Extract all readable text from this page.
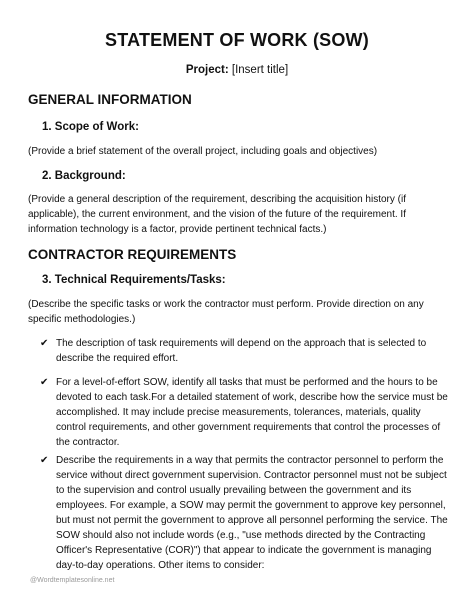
STATEMENT OF WORK (SOW)
Project: [Insert title]
GENERAL INFORMATION
1. Scope of Work:
(Provide a brief statement of the overall project, including goals and objectives)
2. Background:
(Provide a general description of the requirement, describing the acquisition history (if applicable), the current environment, and the vision of the future of the requirement. If information technology is a factor, provide pertinent technical facts.)
CONTRACTOR REQUIREMENTS
3. Technical Requirements/Tasks:
(Describe the specific tasks or work the contractor must perform. Provide direction on any specific methodologies.)
✔ The description of task requirements will depend on the approach that is selected to describe the required effort.
✔ For a level-of-effort SOW, identify all tasks that must be performed and the hours to be devoted to each task.For a detailed statement of work, describe how the service must be accomplished. It may include precise measurements, tolerances, materials, quality control requirements, and other government requirements that control the processes of the contractor.
✔ Describe the requirements in a way that permits the contractor personnel to perform the service without direct government supervision. Contractor personnel must not be subject to the supervision and control usually prevailing between the government and its employees. For example, a SOW may permit the government to approve key personnel, but must not permit the government to approve all personnel performing the service. The SOW should also not include words (e.g., "use methods directed by the Contracting Officer's Representative (COR)") that appear to indicate the government is managing day-to-day operations. Other items to consider:
@Wordtemplatesonline.net
